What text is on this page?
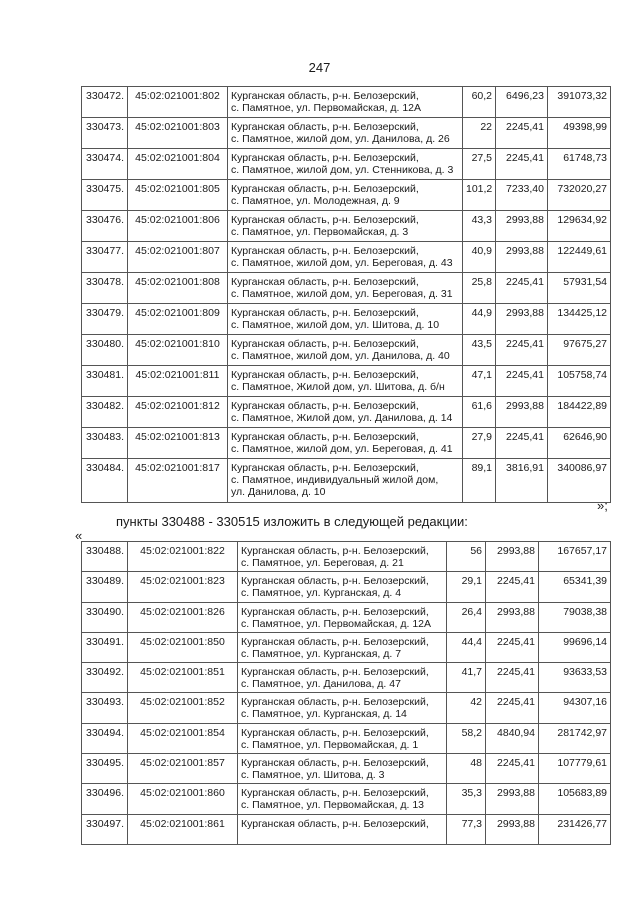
247
330472.	45:02:021001:802	Курганская область, р-н. Белозерский,
с. Памятное, ул. Первомайская, д. 12А	60,2	6496,23	391073,32
330473.	45:02:021001:803	Курганская область, р-н. Белозерский,
с. Памятное, жилой дом, ул. Данилова, д. 26	22	2245,41	49398,99
330474.	45:02:021001:804	Курганская область, р-н. Белозерский,
с. Памятное, жилой дом, ул. Стенникова, д. 3	27,5	2245,41	61748,73
330475.	45:02:021001:805	Курганская область, р-н. Белозерский,
с. Памятное, ул. Молодежная, д. 9	101,2	7233,40	732020,27
330476.	45:02:021001:806	Курганская область, р-н. Белозерский,
с. Памятное, ул. Первомайская, д. 3	43,3	2993,88	129634,92
330477.	45:02:021001:807	Курганская область, р-н. Белозерский,
с. Памятное, жилой дом, ул. Береговая, д. 43	40,9	2993,88	122449,61
330478.	45:02:021001:808	Курганская область, р-н. Белозерский,
с. Памятное, жилой дом, ул. Береговая, д. 31	25,8	2245,41	57931,54
330479.	45:02:021001:809	Курганская область, р-н. Белозерский,
с. Памятное, жилой дом, ул. Шитова, д. 10	44,9	2993,88	134425,12
330480.	45:02:021001:810	Курганская область, р-н. Белозерский,
с. Памятное, жилой дом, ул. Данилова, д. 40	43,5	2245,41	97675,27
330481.	45:02:021001:811	Курганская область, р-н. Белозерский,
с. Памятное, Жилой дом, ул. Шитова, д. б/н	47,1	2245,41	105758,74
330482.	45:02:021001:812	Курганская область, р-н. Белозерский,
с. Памятное, Жилой дом, ул. Данилова, д. 14	61,6	2993,88	184422,89
330483.	45:02:021001:813	Курганская область, р-н. Белозерский,
с. Памятное, жилой дом, ул. Береговая, д. 41	27,9	2245,41	62646,90
330484.	45:02:021001:817	Курганская область, р-н. Белозерский,
с. Памятное, индивидуальный жилой дом,
ул. Данилова, д. 10	89,1	3816,91	340086,97
»;
пункты 330488 - 330515 изложить в следующей редакции:
«
330488.	45:02:021001:822	Курганская область, р-н. Белозерский,
с. Памятное, ул. Береговая, д. 21	56	2993,88	167657,17
330489.	45:02:021001:823	Курганская область, р-н. Белозерский,
с. Памятное, ул. Курганская, д. 4	29,1	2245,41	65341,39
330490.	45:02:021001:826	Курганская область, р-н. Белозерский,
с. Памятное, ул. Первомайская, д. 12А	26,4	2993,88	79038,38
330491.	45:02:021001:850	Курганская область, р-н. Белозерский,
с. Памятное, ул. Курганская, д. 7	44,4	2245,41	99696,14
330492.	45:02:021001:851	Курганская область, р-н. Белозерский,
с. Памятное, ул. Данилова, д. 47	41,7	2245,41	93633,53
330493.	45:02:021001:852	Курганская область, р-н. Белозерский,
с. Памятное, ул. Курганская, д. 14	42	2245,41	94307,16
330494.	45:02:021001:854	Курганская область, р-н. Белозерский,
с. Памятное, ул. Первомайская, д. 1	58,2	4840,94	281742,97
330495.	45:02:021001:857	Курганская область, р-н. Белозерский,
с. Памятное, ул. Шитова, д. 3	48	2245,41	107779,61
330496.	45:02:021001:860	Курганская область, р-н. Белозерский,
с. Памятное, ул. Первомайская, д. 13	35,3	2993,88	105683,89
330497.	45:02:021001:861	Курганская область, р-н. Белозерский,	77,3	2993,88	231426,77
